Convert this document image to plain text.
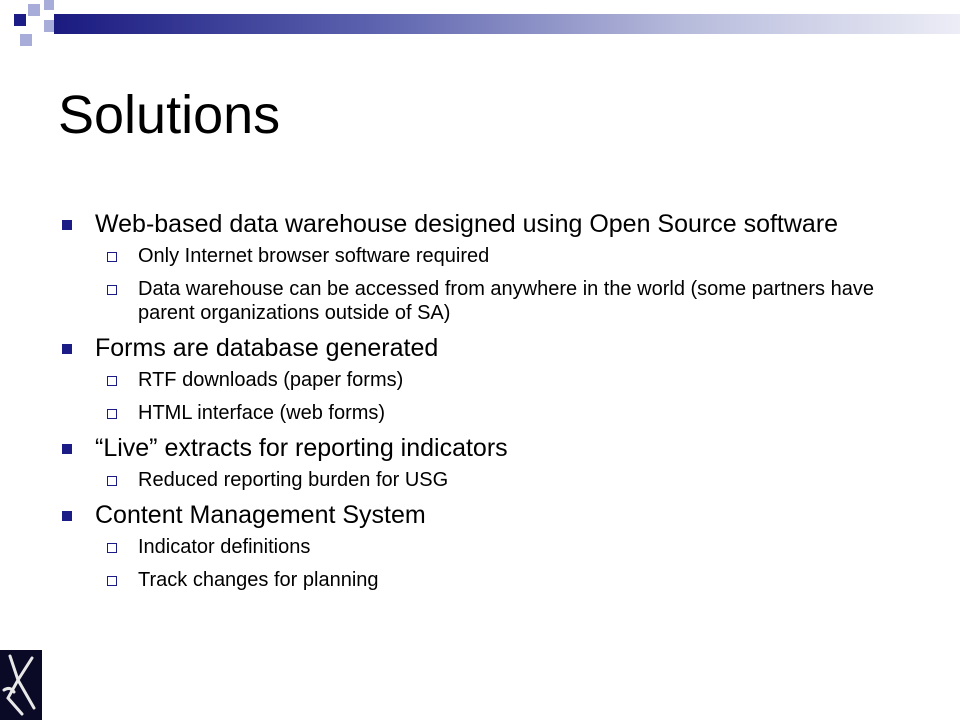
Solutions
Web-based data warehouse designed using Open Source software
Only Internet browser software required
Data warehouse can be accessed from anywhere in the world (some partners have parent organizations outside of SA)
Forms are database generated
RTF downloads (paper forms)
HTML interface (web forms)
“Live” extracts for reporting indicators
Reduced reporting burden for USG
Content Management System
Indicator definitions
Track changes for planning
